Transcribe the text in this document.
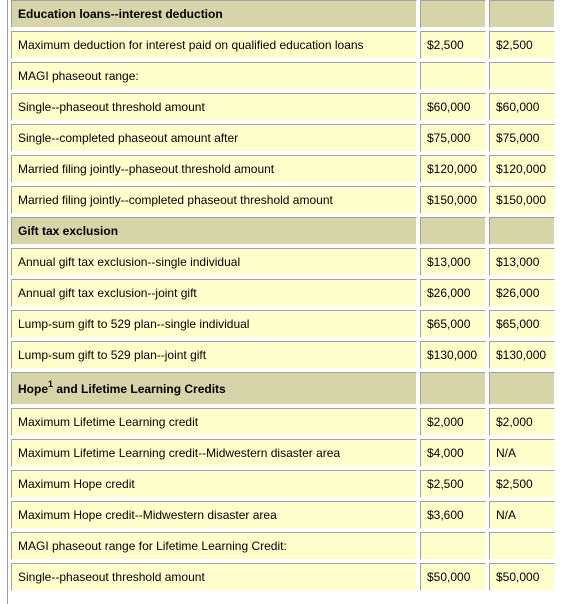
Education loans--interest deduction		
Maximum deduction for interest paid on qualified education loans	$2,500	$2,500
MAGI phaseout range:		
Single--phaseout threshold amount	$60,000	$60,000
Single--completed phaseout amount after	$75,000	$75,000
Married filing jointly--phaseout threshold amount	$120,000	$120,000
Married filing jointly--completed phaseout threshold amount	$150,000	$150,000
Gift tax exclusion		
Annual gift tax exclusion--single individual	$13,000	$13,000
Annual gift tax exclusion--joint gift	$26,000	$26,000
Lump-sum gift to 529 plan--single individual	$65,000	$65,000
Lump-sum gift to 529 plan--joint gift	$130,000	$130,000
Hope$^1$ and Lifetime Learning Credits		
Maximum Lifetime Learning credit	$2,000	$2,000
Maximum Lifetime Learning credit--Midwestern disaster area	$4,000	N/A
Maximum Hope credit	$2,500	$2,500
Maximum Hope credit--Midwestern disaster area	$3,600	N/A
MAGI phaseout range for Lifetime Learning Credit:		
Single--phaseout threshold amount	$50,000	$50,000
